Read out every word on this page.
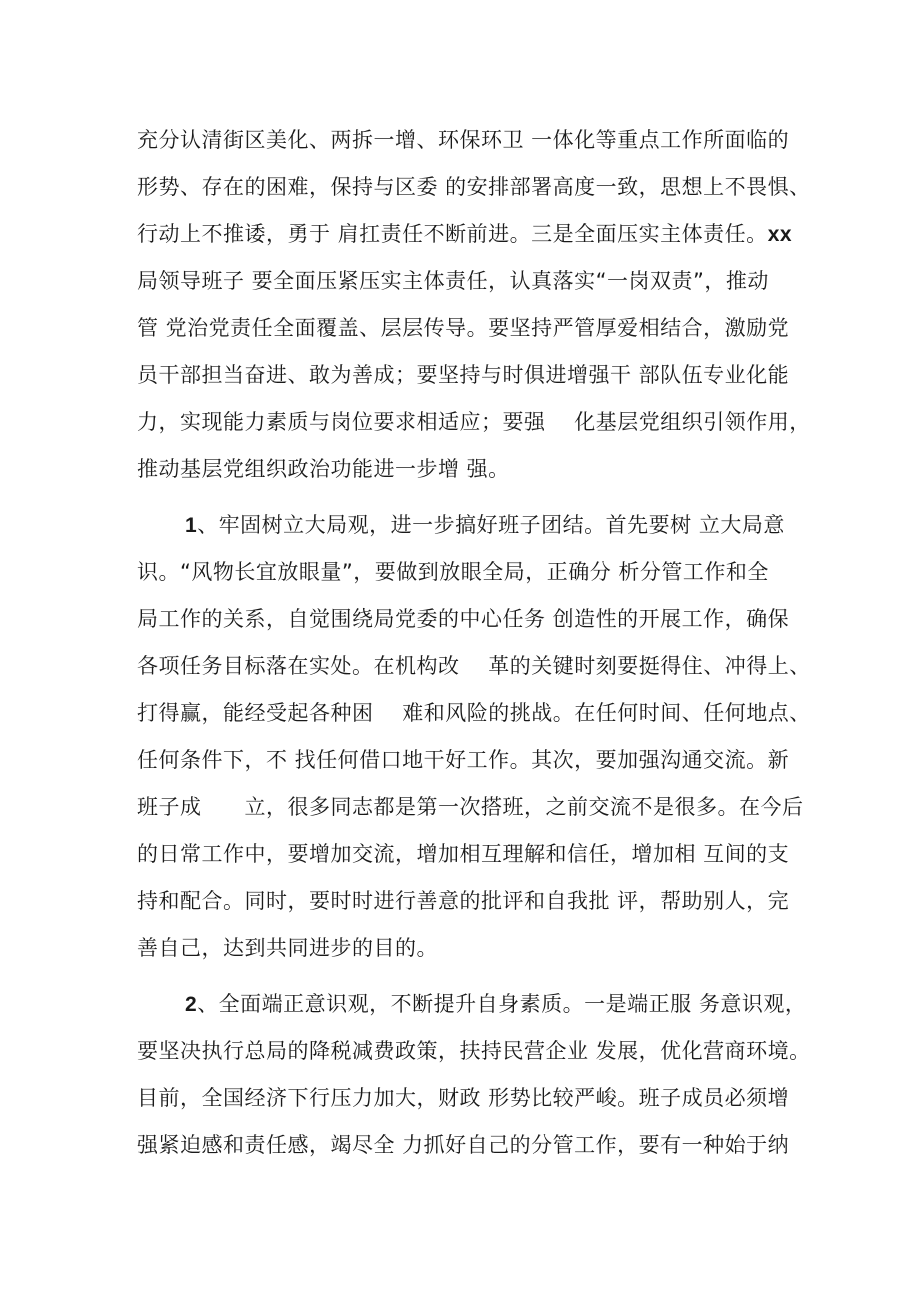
充分认清街区美化、两拆一增、环保环卫 一体化等重点工作所面临的
形势、存在的困难，保持与区委 的安排部署高度一致，思想上不畏惧、
行动上不推诿，勇于 肩扛责任不断前进。三是全面压实主体责任。xx
局领导班子 要全面压紧压实主体责任，认真落实“一岗双责”，推动
管 党治党责任全面覆盖、层层传导。要坚持严管厚爱相结合，激励党
员干部担当奋进、敢为善成；要坚持与时俱进增强干 部队伍专业化能
力，实现能力素质与岗位要求相适应；要强    化基层党组织引领作用，
推动基层党组织政治功能进一步增 强。
1、牢固树立大局观，进一步搞好班子团结。首先要树 立大局意
识。“风物长宜放眼量”，要做到放眼全局，正确分 析分管工作和全
局工作的关系，自觉围绕局党委的中心任务 创造性的开展工作，确保
各项任务目标落在实处。在机构改    革的关键时刻要挺得住、冲得上、
打得赢，能经受起各种困    难和风险的挑战。在任何时间、任何地点、
任何条件下，不 找任何借口地干好工作。其次，要加强沟通交流。新
班子成      立，很多同志都是第一次搭班，之前交流不是很多。在今后
的日常工作中，要增加交流，增加相互理解和信任，增加相 互间的支
持和配合。同时，要时时进行善意的批评和自我批 评，帮助别人，完
善自己，达到共同进步的目的。
2、全面端正意识观，不断提升自身素质。一是端正服 务意识观，
要坚决执行总局的降税减费政策，扶持民营企业 发展，优化营商环境。
目前，全国经济下行压力加大，财政 形势比较严峻。班子成员必须增
强紧迫感和责任感，竭尽全 力抓好自己的分管工作，要有一种始于纳
